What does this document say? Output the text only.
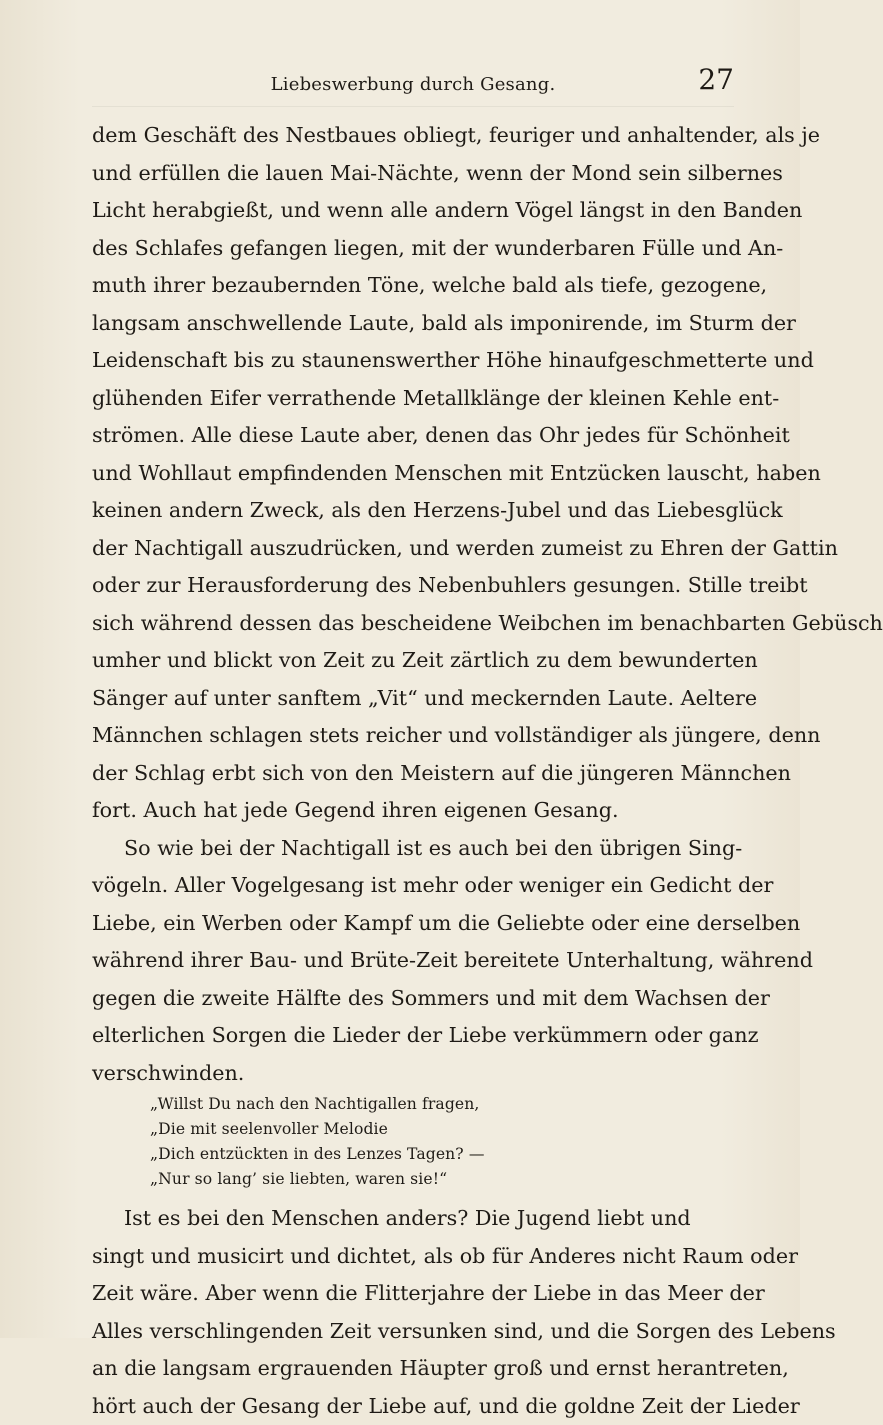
Liebeswerbung durch Gesang.	27
dem Geschäft des Nestbaues obliegt, feuriger und anhaltender, als je
und erfüllen die lauen Mai-Nächte, wenn der Mond sein silbernes
Licht herabgießt, und wenn alle andern Vögel längst in den Banden
des Schlafes gefangen liegen, mit der wunderbaren Fülle und An-
muth ihrer bezaubernden Töne, welche bald als tiefe, gezogene,
langsam anschwellende Laute, bald als imponirende, im Sturm der
Leidenschaft bis zu staunenswerther Höhe hinaufgeschmetterte und
glühenden Eifer verrathende Metallklänge der kleinen Kehle ent-
strömen. Alle diese Laute aber, denen das Ohr jedes für Schönheit
und Wohllaut empfindenden Menschen mit Entzücken lauscht, haben
keinen andern Zweck, als den Herzens-Jubel und das Liebesglück
der Nachtigall auszudrücken, und werden zumeist zu Ehren der Gattin
oder zur Herausforderung des Nebenbuhlers gesungen. Stille treibt
sich während dessen das bescheidene Weibchen im benachbarten Gebüsch
umher und blickt von Zeit zu Zeit zärtlich zu dem bewunderten
Sänger auf unter sanftem „Vit“ und meckernden Laute. Aeltere
Männchen schlagen stets reicher und vollständiger als jüngere, denn
der Schlag erbt sich von den Meistern auf die jüngeren Männchen
fort. Auch hat jede Gegend ihren eigenen Gesang.
So wie bei der Nachtigall ist es auch bei den übrigen Sing-
vögeln. Aller Vogelgesang ist mehr oder weniger ein Gedicht der
Liebe, ein Werben oder Kampf um die Geliebte oder eine derselben
während ihrer Bau- und Brüte-Zeit bereitete Unterhaltung, während
gegen die zweite Hälfte des Sommers und mit dem Wachsen der
elterlichen Sorgen die Lieder der Liebe verkümmern oder ganz
verschwinden.
„Willst Du nach den Nachtigallen fragen,
„Die mit seelenvoller Melodie
„Dich entzückten in des Lenzes Tagen? —
„Nur so lang’ sie liebten, waren sie!“
Ist es bei den Menschen anders? Die Jugend liebt und
singt und musicirt und dichtet, als ob für Anderes nicht Raum oder
Zeit wäre. Aber wenn die Flitterjahre der Liebe in das Meer der
Alles verschlingenden Zeit versunken sind, und die Sorgen des Lebens
an die langsam ergrauenden Häupter groß und ernst herantreten,
hört auch der Gesang der Liebe auf, und die goldne Zeit der Lieder
